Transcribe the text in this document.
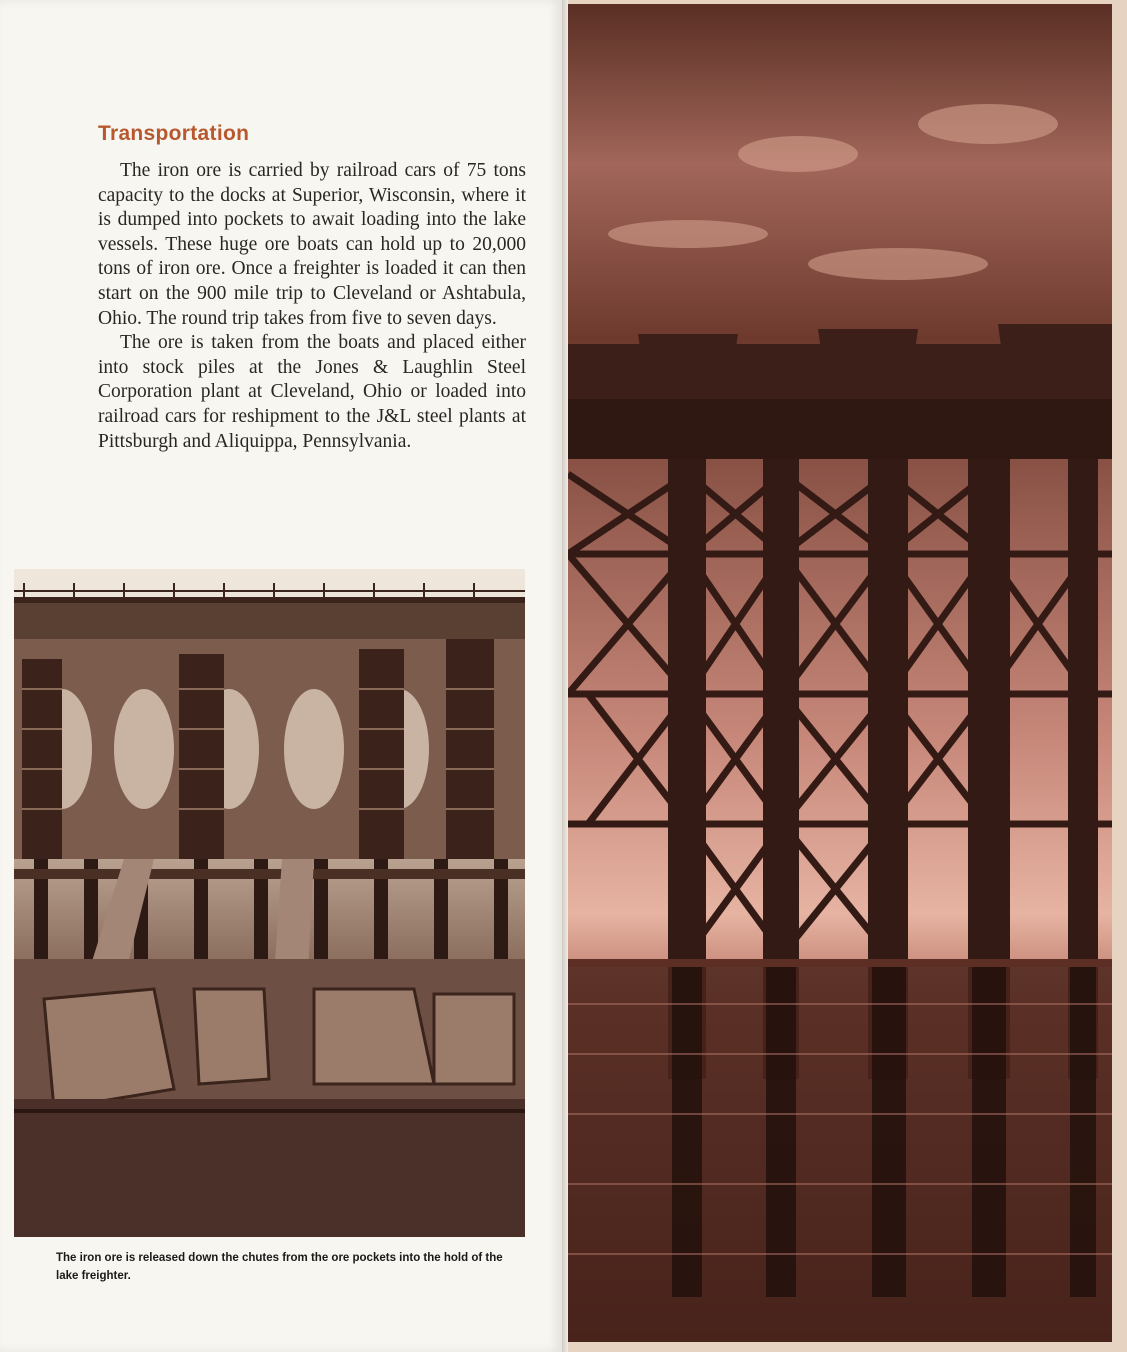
Transportation

The iron ore is carried by railroad cars of 75 tons capacity to the docks at Superior, Wisconsin, where it is dumped into pockets to await loading into the lake vessels. These huge ore boats can hold up to 20,000 tons of iron ore. Once a freighter is loaded it can then start on the 900 mile trip to Cleveland or Ashtabula, Ohio. The round trip takes from five to seven days.

The ore is taken from the boats and placed either into stock piles at the Jones & Laughlin Steel Corporation plant at Cleveland, Ohio or loaded into railroad cars for reshipment to the J&L steel plants at Pittsburgh and Aliquippa, Pennsylvania.

The iron ore is released down the chutes from the ore pockets into the hold of the lake freighter.
